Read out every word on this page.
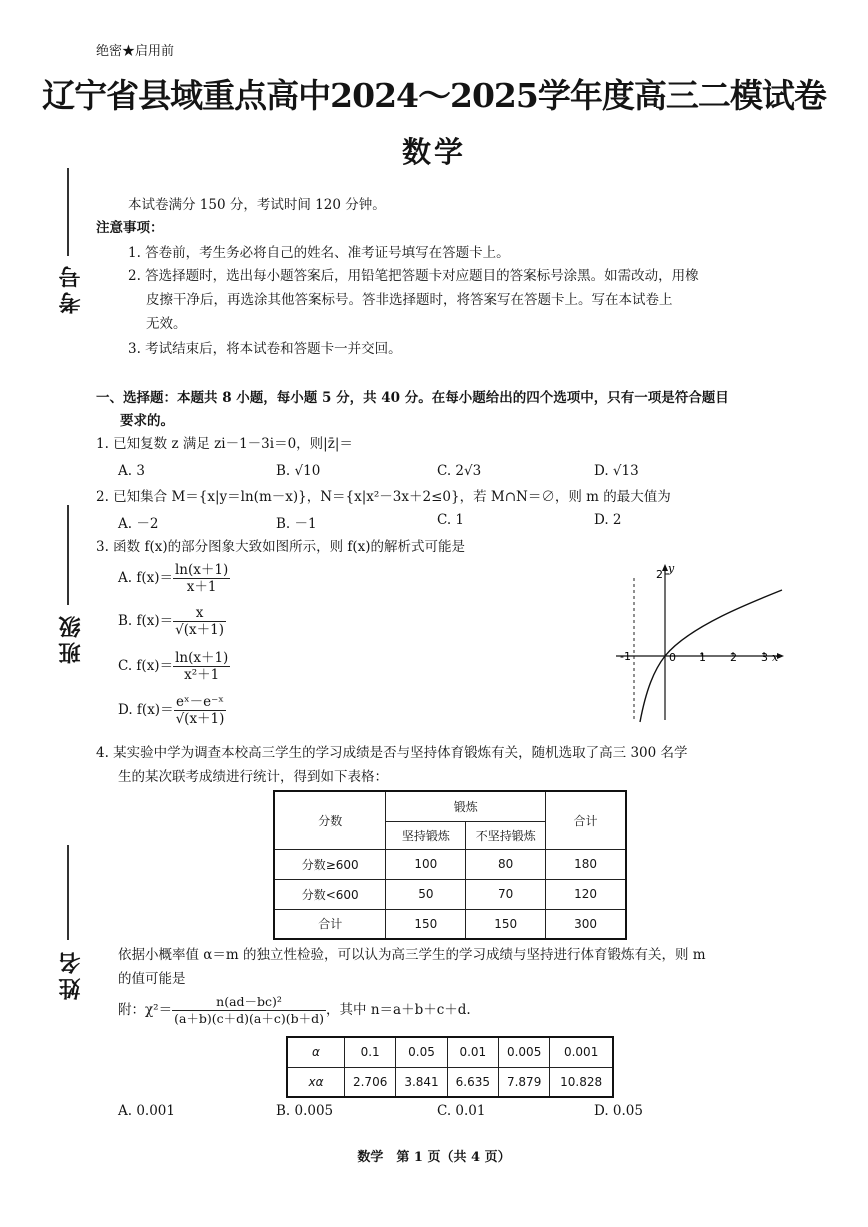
绝密★启用前
辽宁省县域重点高中2024～2025学年度高三二模试卷
数学
考号
班级
姓名
本试卷满分 150 分，考试时间 120 分钟。
注意事项：
1. 答卷前，考生务必将自己的姓名、准考证号填写在答题卡上。
2. 答选择题时，选出每小题答案后，用铅笔把答题卡对应题目的答案标号涂黑。如需改动，用橡
皮擦干净后，再选涂其他答案标号。答非选择题时，将答案写在答题卡上。写在本试卷上
无效。
3. 考试结束后，将本试卷和答题卡一并交回。
一、选择题：本题共 8 小题，每小题 5 分，共 40 分。在每小题给出的四个选项中，只有一项是符合题目
要求的。
1. 已知复数 z 满足 zi－1－3i＝0，则|z̄|＝
A. 3	B. √10	C. 2√3	D. √13
2. 已知集合 M＝{x|y＝ln(m－x)}，N＝{x|x²－3x＋2≤0}，若 M∩N＝∅，则 m 的最大值为
A. －2	B. －1	C. 1	D. 2
3. 函数 f(x)的部分图象大致如图所示，则 f(x)的解析式可能是
A. $f(x)= \frac{\ln(x+1)}{x+1}$
B. $f(x)= \frac{x}{√(x+1)}$
C. $f(x)= \frac{\ln(x+1)}{\text{x²＋1}}$
D. $f(x)= \frac{\text{eˣ－e⁻ˣ}}{√(x+1)}$
2 y
-1	0 1 2 3 x
4. 某实验中学为调查本校高三学生的学习成绩是否与坚持体育锻炼有关，随机选取了高三 300 名学
生的某次联考成绩进行统计，得到如下表格：
分数	锻炼		合计
	坚持锻炼	不坚持锻炼	
分数≥600	100	80	180
分数<600	50	70	120
合计	150	150	300
依据小概率值 α＝m 的独立性检验，可以认为高三学生的学习成绩与坚持进行体育锻炼有关，则 m
的值可能是
附：$\chi^2= \frac{\text{n(ad－bc)²}}{(a+b)(c+d)(a+c)(b+d)}$ ，其中 n＝a＋b＋c＋d.
α	0.1	0.05	0.01	0.005	0.001
xα	2.706	3.841	6.635	7.879	10.828
A. 0.001	B. 0.005	C. 0.01	D. 0.05
数学　第 1 页（共 4 页）
